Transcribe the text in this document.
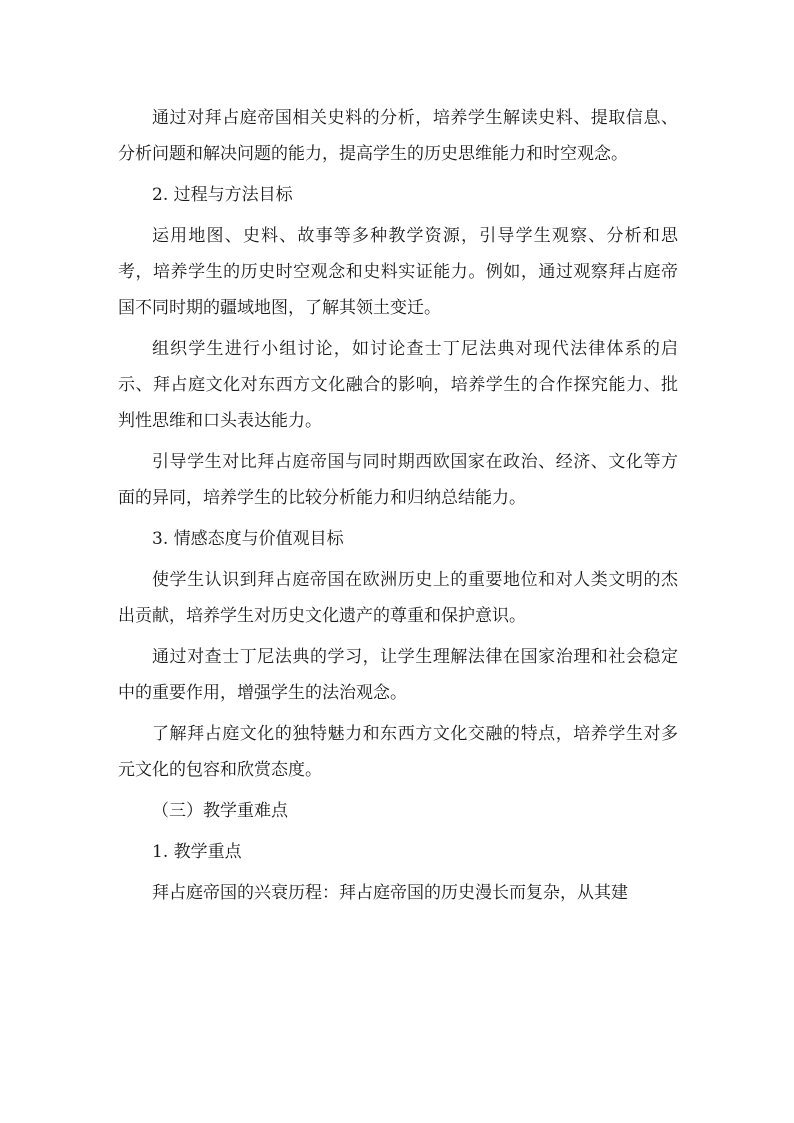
通过对拜占庭帝国相关史料的分析，培养学生解读史料、提取信息、分析问题和解决问题的能力，提高学生的历史思维能力和时空观念。

2. 过程与方法目标

运用地图、史料、故事等多种教学资源，引导学生观察、分析和思考，培养学生的历史时空观念和史料实证能力。例如，通过观察拜占庭帝国不同时期的疆域地图，了解其领土变迁。

组织学生进行小组讨论，如讨论查士丁尼法典对现代法律体系的启示、拜占庭文化对东西方文化融合的影响，培养学生的合作探究能力、批判性思维和口头表达能力。

引导学生对比拜占庭帝国与同时期西欧国家在政治、经济、文化等方面的异同，培养学生的比较分析能力和归纳总结能力。

3. 情感态度与价值观目标

使学生认识到拜占庭帝国在欧洲历史上的重要地位和对人类文明的杰出贡献，培养学生对历史文化遗产的尊重和保护意识。

通过对查士丁尼法典的学习，让学生理解法律在国家治理和社会稳定中的重要作用，增强学生的法治观念。

了解拜占庭文化的独特魅力和东西方文化交融的特点，培养学生对多元文化的包容和欣赏态度。

（三）教学重难点

1. 教学重点

拜占庭帝国的兴衰历程：拜占庭帝国的历史漫长而复杂，从其建
